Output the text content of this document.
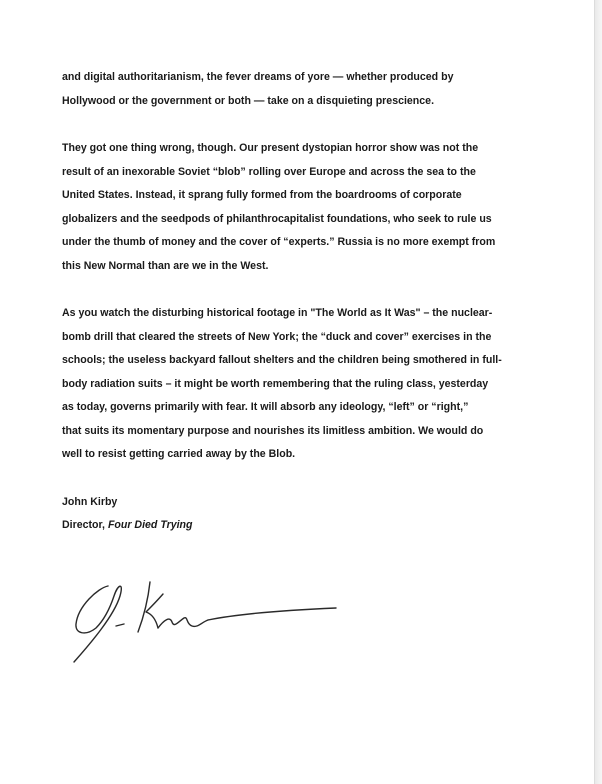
and digital authoritarianism, the fever dreams of yore — whether produced by
Hollywood or the government or both — take on a disquieting prescience.

They got one thing wrong, though. Our present dystopian horror show was not the
result of an inexorable Soviet “blob” rolling over Europe and across the sea to the
United States. Instead, it sprang fully formed from the boardrooms of corporate
globalizers and the seedpods of philanthrocapitalist foundations, who seek to rule us
under the thumb of money and the cover of “experts.” Russia is no more exempt from
this New Normal than are we in the West.

As you watch the disturbing historical footage in "The World as It Was" – the nuclear-
bomb drill that cleared the streets of New York; the “duck and cover” exercises in the
schools; the useless backyard fallout shelters and the children being smothered in full-
body radiation suits – it might be worth remembering that the ruling class, yesterday
as today, governs primarily with fear. It will absorb any ideology, “left” or “right,”
that suits its momentary purpose and nourishes its limitless ambition. We would do
well to resist getting carried away by the Blob.

John Kirby
Director, Four Died Trying
